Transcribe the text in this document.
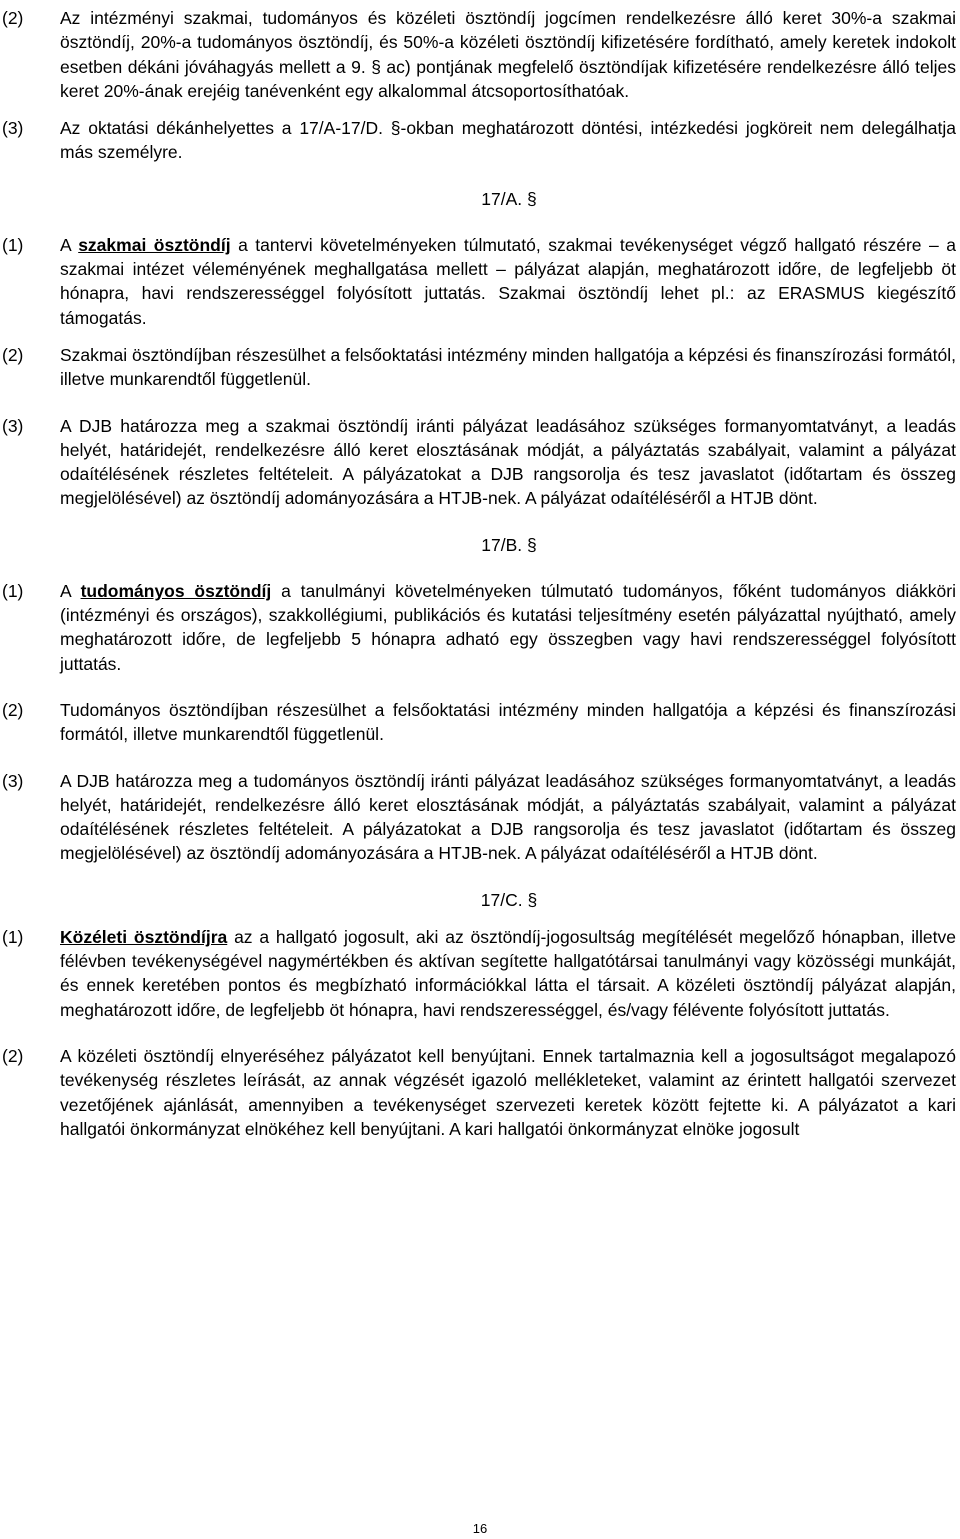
(2)	Az intézményi szakmai, tudományos és közéleti ösztöndíj jogcímen rendelkezésre álló keret 30%-a szakmai ösztöndíj, 20%-a tudományos ösztöndíj, és 50%-a közéleti ösztöndíj kifizetésére fordítható, amely keretek indokolt esetben dékáni jóváhagyás mellett a 9. § ac) pontjának megfelelő ösztöndíjak kifizetésére rendelkezésre álló teljes keret 20%-ának erejéig tanévenként egy alkalommal átcsoportosíthatóak.
(3)	Az oktatási dékánhelyettes a 17/A-17/D. §-okban meghatározott döntési, intézkedési jogköreit nem delegálhatja más személyre.
17/A. §
(1)	A szakmai ösztöndíj a tantervi követelményeken túlmutató, szakmai tevékenységet végző hallgató részére – a szakmai intézet véleményének meghallgatása mellett – pályázat alapján, meghatározott időre, de legfeljebb öt hónapra, havi rendszerességgel folyósított juttatás. Szakmai ösztöndíj lehet pl.: az ERASMUS kiegészítő támogatás.
(2)	Szakmai ösztöndíjban részesülhet a felsőoktatási intézmény minden hallgatója a képzési és finanszírozási formától, illetve munkarendtől függetlenül.
(3)	A DJB határozza meg a szakmai ösztöndíj iránti pályázat leadásához szükséges formanyomtatványt, a leadás helyét, határidejét, rendelkezésre álló keret elosztásának módját, a pályáztatás szabályait, valamint a pályázat odaítélésének részletes feltételeit. A pályázatokat a DJB rangsorolja és tesz javaslatot (időtartam és összeg megjelölésével) az ösztöndíj adományozására a HTJB-nek. A pályázat odaítéléséről a HTJB dönt.
17/B. §
(1)	A tudományos ösztöndíj a tanulmányi követelményeken túlmutató tudományos, főként tudományos diákköri (intézményi és országos), szakkollégiumi, publikációs és kutatási teljesítmény esetén pályázattal nyújtható, amely meghatározott időre, de legfeljebb 5 hónapra adható egy összegben vagy havi rendszerességgel folyósított juttatás.
(2)	Tudományos ösztöndíjban részesülhet a felsőoktatási intézmény minden hallgatója a képzési és finanszírozási formától, illetve munkarendtől függetlenül.
(3)	A DJB határozza meg a tudományos ösztöndíj iránti pályázat leadásához szükséges formanyomtatványt, a leadás helyét, határidejét, rendelkezésre álló keret elosztásának módját, a pályáztatás szabályait, valamint a pályázat odaítélésének részletes feltételeit. A pályázatokat a DJB rangsorolja és tesz javaslatot (időtartam és összeg megjelölésével) az ösztöndíj adományozására a HTJB-nek. A pályázat odaítéléséről a HTJB dönt.
17/C. §
(1)	Közéleti ösztöndíjra az a hallgató jogosult, aki az ösztöndíj-jogosultság megítélését megelőző hónapban, illetve félévben tevékenységével nagymértékben és aktívan segítette hallgatótársai tanulmányi vagy közösségi munkáját, és ennek keretében pontos és megbízható információkkal látta el társait. A közéleti ösztöndíj pályázat alapján, meghatározott időre, de legfeljebb öt hónapra, havi rendszerességgel, és/vagy félévente folyósított juttatás.
(2)	A közéleti ösztöndíj elnyeréséhez pályázatot kell benyújtani. Ennek tartalmaznia kell a jogosultságot megalapozó tevékenység részletes leírását, az annak végzését igazoló mellékleteket, valamint az érintett hallgatói szervezet vezetőjének ajánlását, amennyiben a tevékenységet szervezeti keretek között fejtette ki. A pályázatot a kari hallgatói önkormányzat elnökéhez kell benyújtani. A kari hallgatói önkormányzat elnöke jogosult
16
